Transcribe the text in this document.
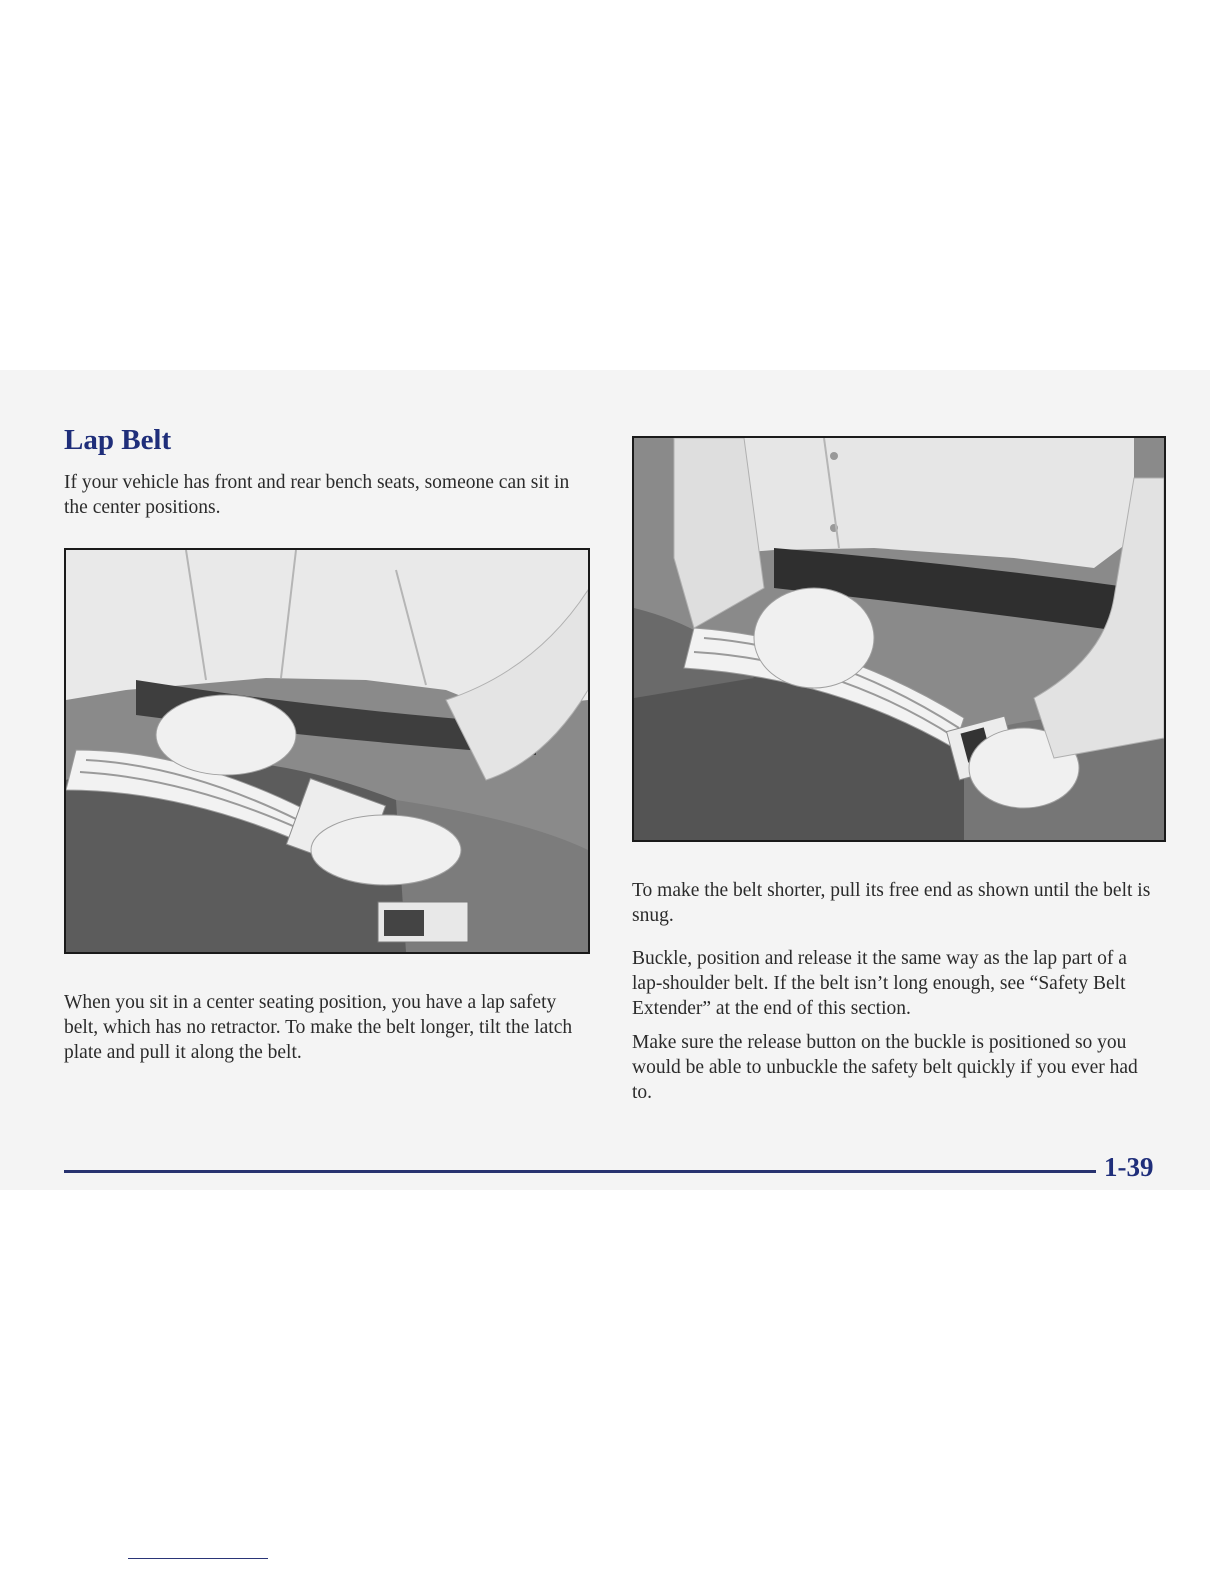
Lap Belt

If your vehicle has front and rear bench seats, someone can sit in the center positions.

When you sit in a center seating position, you have a lap safety belt, which has no retractor. To make the belt longer, tilt the latch plate and pull it along the belt.

To make the belt shorter, pull its free end as shown until the belt is snug.

Buckle, position and release it the same way as the lap part of a lap-shoulder belt. If the belt isn’t long enough, see “Safety Belt Extender” at the end of this section.

Make sure the release button on the buckle is positioned so you would be able to unbuckle the safety belt quickly if you ever had to.

1-39
